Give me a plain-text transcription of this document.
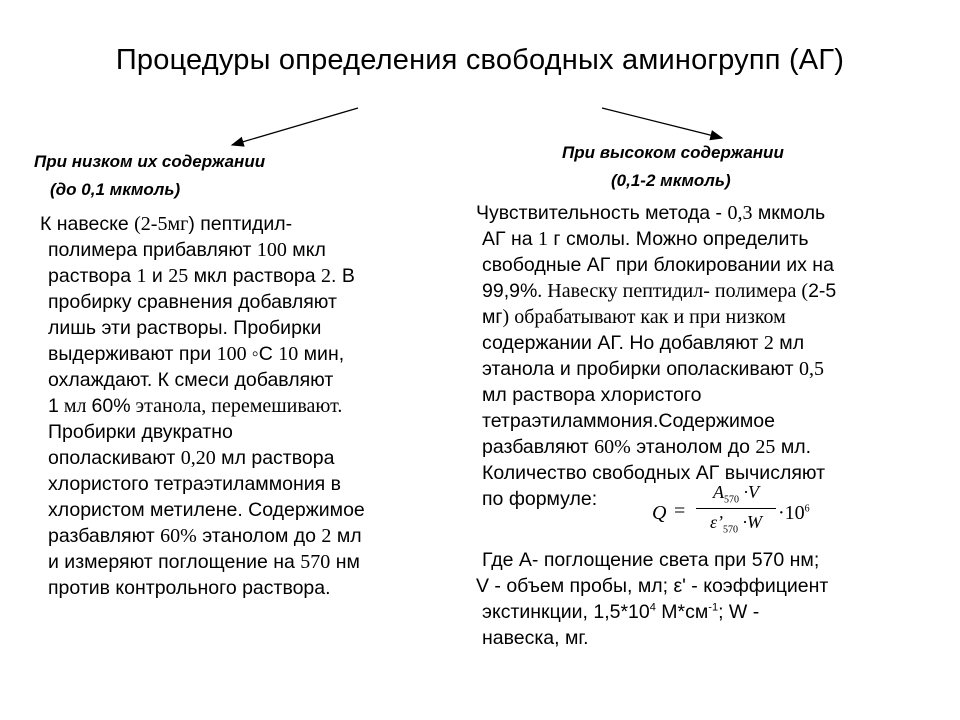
Процедуры определения свободных аминогрупп (АГ)
При низком их содержании
(до 0,1 мкмоль)
К навеске (2-5мг) пептидил-
полимера прибавляют 100 мкл
раствора 1 и 25 мкл раствора 2. В
пробирку сравнения добавляют
лишь эти растворы. Пробирки
выдерживают при 100 ◦С 10 мин,
охлаждают. К смеси добавляют
1 мл 60% этанола, перемешивают.
Пробирки двукратно
ополаскивают 0,20 мл раствора
хлористого тетраэтиламмония в
хлористом метилене. Содержимое
разбавляют 60% этанолом до 2 мл
и измеряют поглощение на 570 нм
против контрольного раствора.
При высоком содержании
(0,1-2 мкмоль)
Чувствительность метода - 0,3 мкмоль
АГ на 1 г смолы. Можно определить
свободные АГ при блокировании их на
99,9%. Навеску пептидил- полимера (2-5
мг) обрабатывают как и при низком
содержании АГ. Но добавляют 2 мл
этанола и пробирки ополаскивают 0,5
мл раствора хлористого
тетраэтиламмония.Содержимое
разбавляют 60% этанолом до 25 мл.
Количество свободных АГ вычисляют
по формуле:
Q =
$A_{570} \cdot V$
$\varepsilon’_{570} \cdot W \cdot 10^6$
Где А- поглощение света при 570 нм;
V - объем пробы, мл; ε' - коэффициент
экстинкции, $1,5*10^4$ $М*см^{-1}$; W -
навеска, мг.
